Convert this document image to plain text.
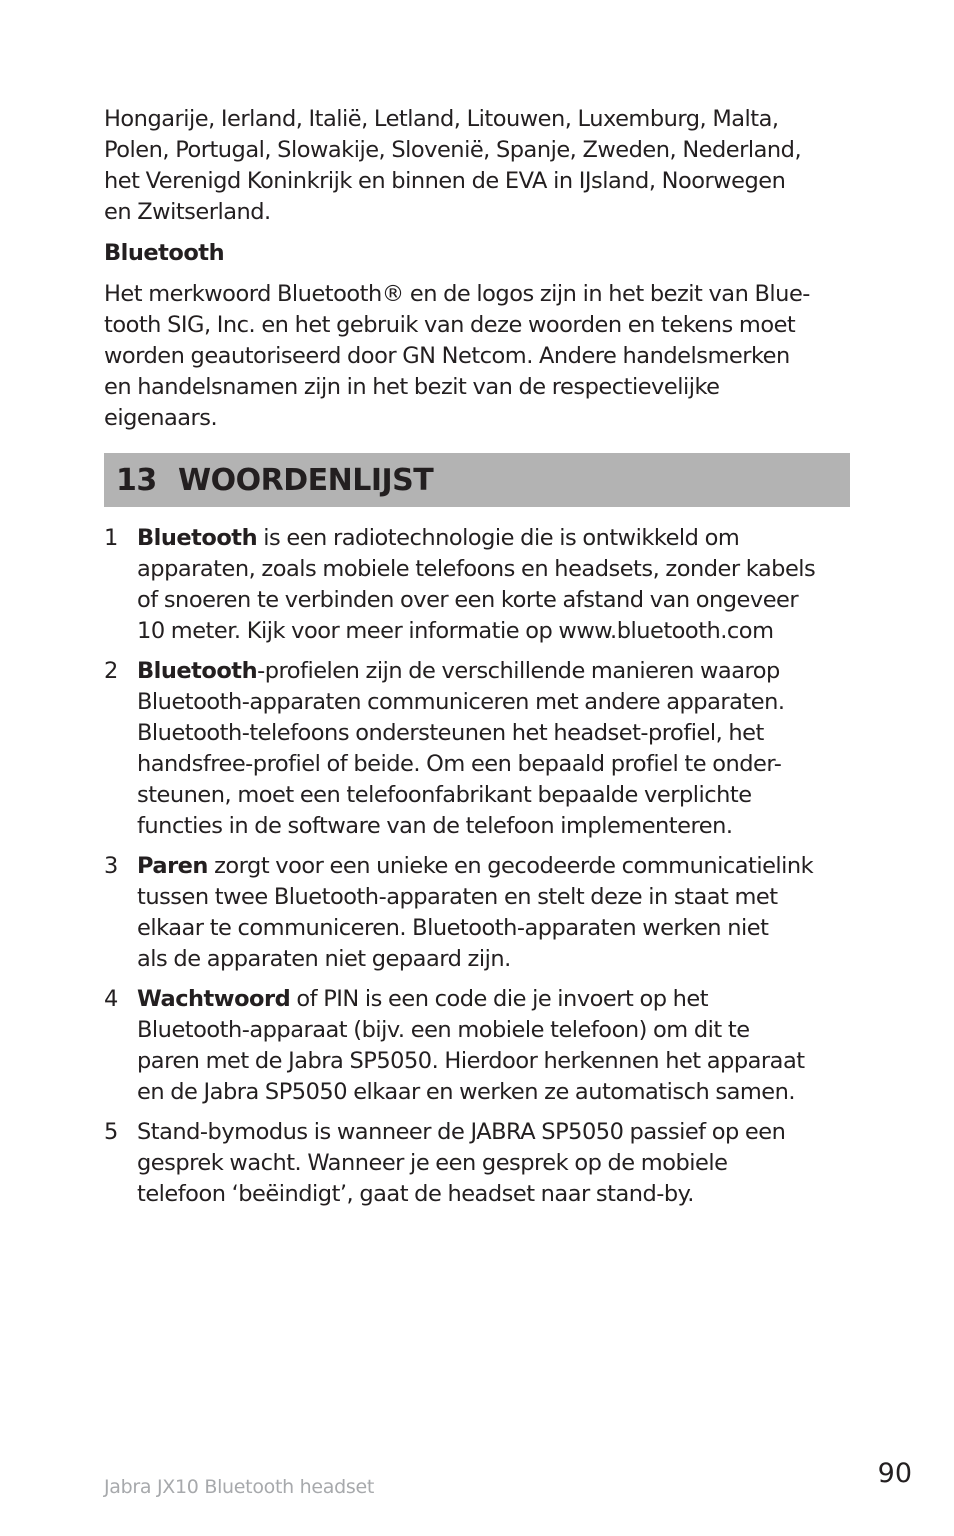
Hongarije, Ierland, Italië, Letland, Litouwen, Luxemburg, Malta,
Polen, Portugal, Slowakije, Slovenië, Spanje, Zweden, Nederland,
het Verenigd Koninkrijk en binnen de EVA in IJsland, Noorwegen
en Zwitserland.

Bluetooth

Het merkwoord Bluetooth® en de logos zijn in het bezit van Blue-
tooth SIG, Inc. en het gebruik van deze woorden en tekens moet
worden geautoriseerd door GN Netcom. Andere handelsmerken
en handelsnamen zijn in het bezit van de respectievelijke
eigenaars.

13 WOORDENLIJST
1 Bluetooth is een radiotechnologie die is ontwikkeld om
apparaten, zoals mobiele telefoons en headsets, zonder kabels
of snoeren te verbinden over een korte afstand van ongeveer
10 meter. Kijk voor meer informatie op www.bluetooth.com

2 Bluetooth-profielen zijn de verschillende manieren waarop
Bluetooth-apparaten communiceren met andere apparaten.
Bluetooth-telefoons ondersteunen het headset-profiel, het
handsfree-profiel of beide. Om een bepaald profiel te onder-
steunen, moet een telefoonfabrikant bepaalde verplichte
functies in de software van de telefoon implementeren.

3 Paren zorgt voor een unieke en gecodeerde communicatielink
tussen twee Bluetooth-apparaten en stelt deze in staat met
elkaar te communiceren. Bluetooth-apparaten werken niet
als de apparaten niet gepaard zijn.

4 Wachtwoord of PIN is een code die je invoert op het
Bluetooth-apparaat (bijv. een mobiele telefoon) om dit te
paren met de Jabra SP5050. Hierdoor herkennen het apparaat
en de Jabra SP5050 elkaar en werken ze automatisch samen.

5 Stand-bymodus is wanneer de JABRA SP5050 passief op een
gesprek wacht. Wanneer je een gesprek op de mobiele
telefoon ‘beëindigt’, gaat de headset naar stand-by.

Jabra JX10 Bluetooth headset	90
